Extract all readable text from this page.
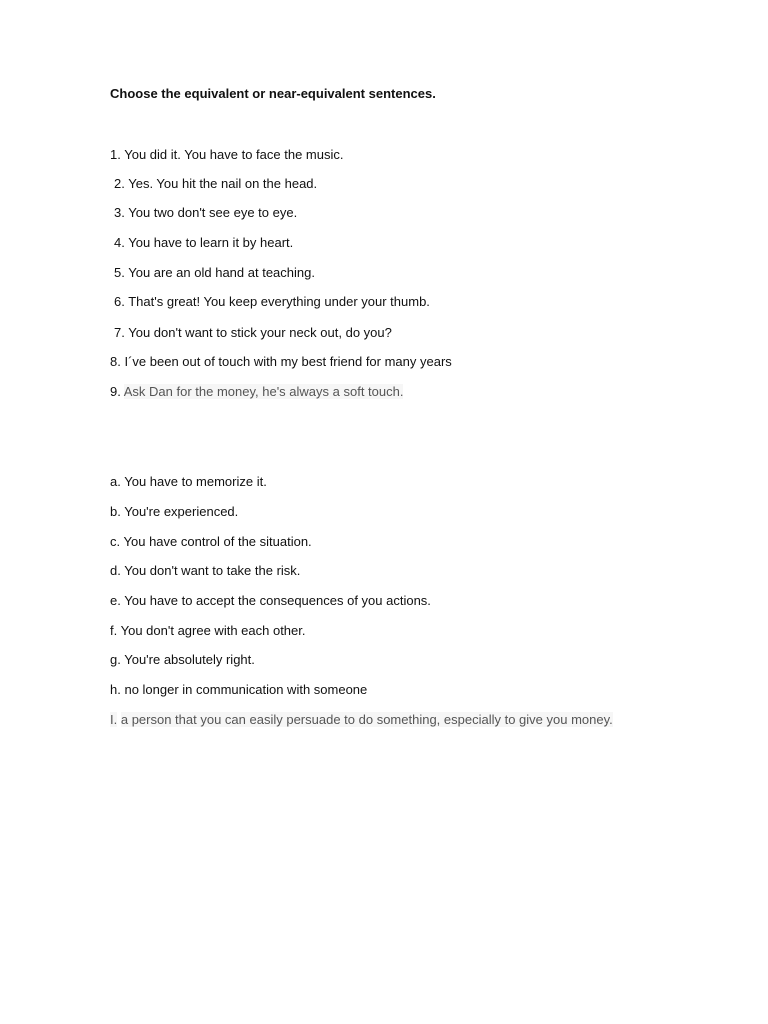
Choose the equivalent or near-equivalent sentences.
1. You did it. You have to face the music.
2. Yes. You hit the nail on the head.
3. You two don't see eye to eye.
4. You have to learn it by heart.
5. You are an old hand at teaching.
6. That's great! You keep everything under your thumb.
7. You don't want to stick your neck out, do you?
8. I´ve been out of touch with my best friend for many years
9. Ask Dan for the money, he's always a soft touch.
a. You have to memorize it.
b. You're experienced.
c. You have control of the situation.
d. You don't want to take the risk.
e. You have to accept the consequences of you actions.
f. You don't agree with each other.
g. You're absolutely right.
h. no longer in communication with someone
I. a person that you can easily persuade to do something, especially to give you money.
